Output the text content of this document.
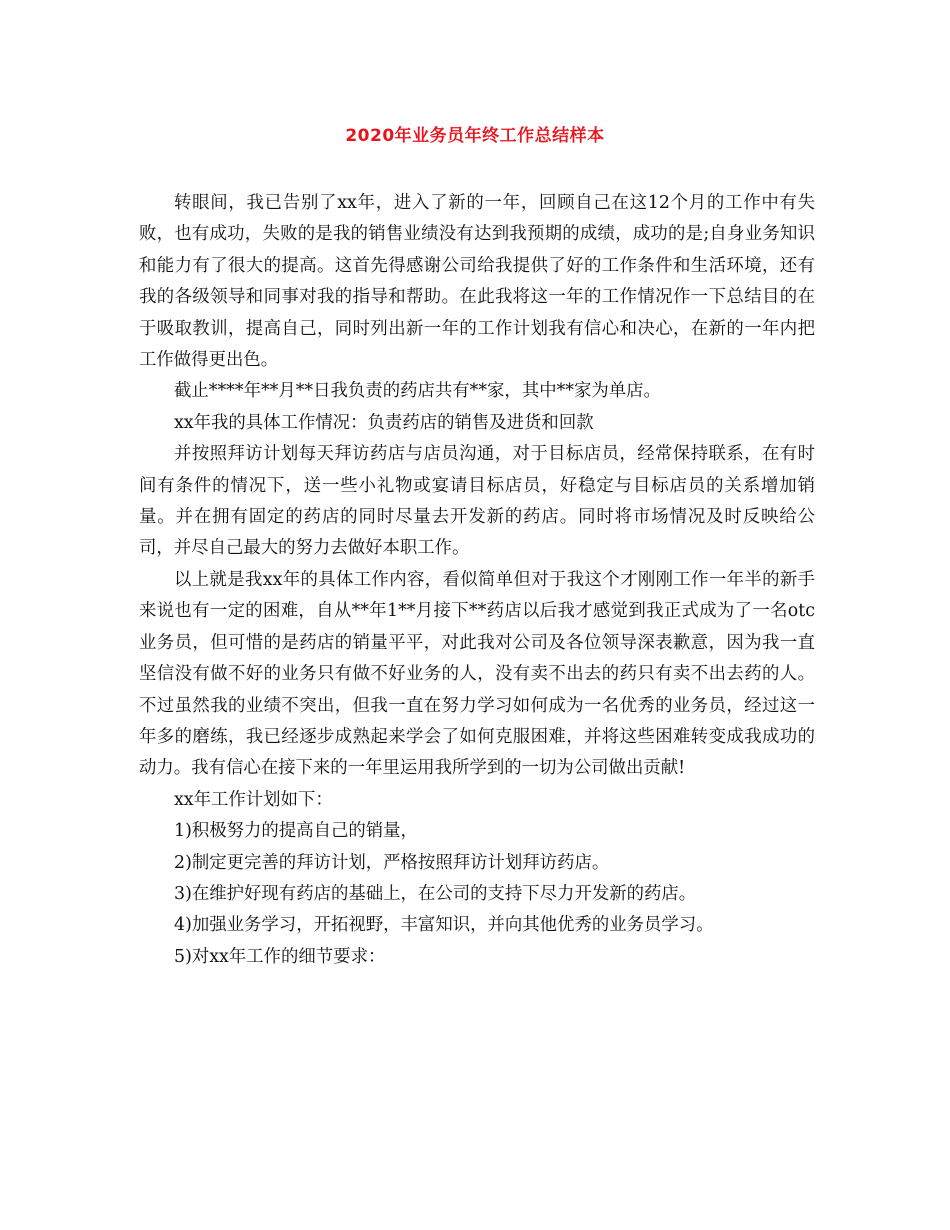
2020年业务员年终工作总结样本

转眼间，我已告别了xx年，进入了新的一年，回顾自己在这12个月的工作中有失败，也有成功，失败的是我的销售业绩没有达到我预期的成绩，成功的是;自身业务知识和能力有了很大的提高。这首先得感谢公司给我提供了好的工作条件和生活环境，还有我的各级领导和同事对我的指导和帮助。在此我将这一年的工作情况作一下总结目的在于吸取教训，提高自己，同时列出新一年的工作计划我有信心和决心，在新的一年内把工作做得更出色。

截止****年**月**日我负责的药店共有**家，其中**家为单店。

xx年我的具体工作情况：负责药店的销售及进货和回款

并按照拜访计划每天拜访药店与店员沟通，对于目标店员，经常保持联系，在有时间有条件的情况下，送一些小礼物或宴请目标店员，好稳定与目标店员的关系增加销量。并在拥有固定的药店的同时尽量去开发新的药店。同时将市场情况及时反映给公司，并尽自己最大的努力去做好本职工作。

以上就是我xx年的具体工作内容，看似简单但对于我这个才刚刚工作一年半的新手来说也有一定的困难，自从**年1**月接下**药店以后我才感觉到我正式成为了一名otc业务员，但可惜的是药店的销量平平，对此我对公司及各位领导深表歉意，因为我一直坚信没有做不好的业务只有做不好业务的人，没有卖不出去的药只有卖不出去药的人。不过虽然我的业绩不突出，但我一直在努力学习如何成为一名优秀的业务员，经过这一年多的磨练，我已经逐步成熟起来学会了如何克服困难，并将这些困难转变成我成功的动力。我有信心在接下来的一年里运用我所学到的一切为公司做出贡献!

xx年工作计划如下：

1)积极努力的提高自己的销量，

2)制定更完善的拜访计划，严格按照拜访计划拜访药店。

3)在维护好现有药店的基础上，在公司的支持下尽力开发新的药店。

4)加强业务学习，开拓视野，丰富知识，并向其他优秀的业务员学习。

5)对xx年工作的细节要求：
